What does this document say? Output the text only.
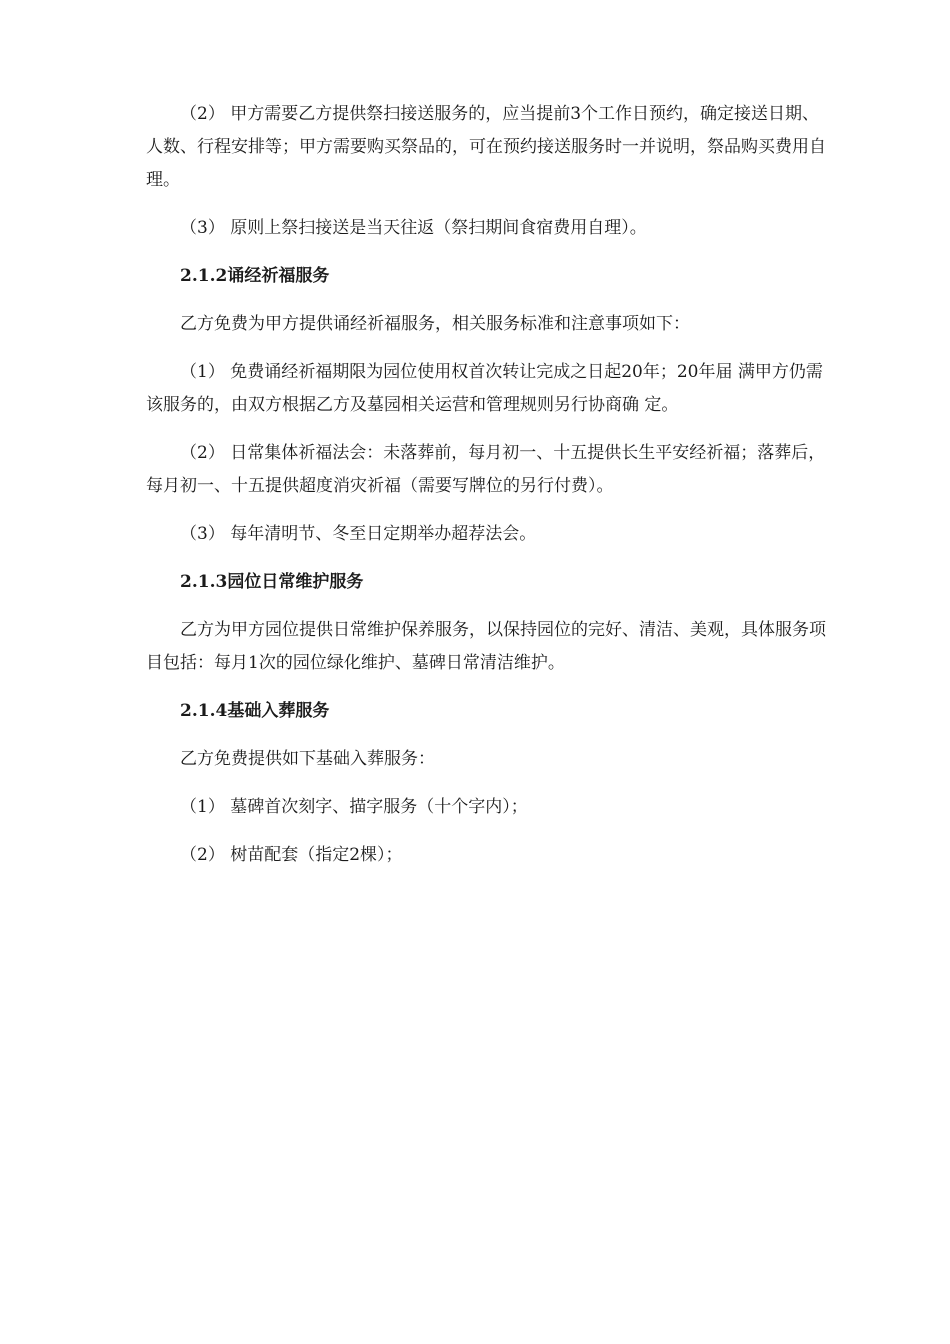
（2） 甲方需要乙方提供祭扫接送服务的，应当提前3个工作日预约，确定接送日期、人数、行程安排等；甲方需要购买祭品的，可在预约接送服务时一并说明，祭品购买费用自理。

（3） 原则上祭扫接送是当天往返（祭扫期间食宿费用自理）。

2.1.2诵经祈福服务

乙方免费为甲方提供诵经祈福服务，相关服务标准和注意事项如下：

（1） 免费诵经祈福期限为园位使用权首次转让完成之日起20年；20年届 满甲方仍需该服务的，由双方根据乙方及墓园相关运营和管理规则另行协商确 定。

（2） 日常集体祈福法会：未落葬前，每月初一、十五提供长生平安经祈福；落葬后，每月初一、十五提供超度消灾祈福（需要写牌位的另行付费）。

（3） 每年清明节、冬至日定期举办超荐法会。

2.1.3园位日常维护服务

乙方为甲方园位提供日常维护保养服务，以保持园位的完好、清洁、美观，具体服务项目包括：每月1次的园位绿化维护、墓碑日常清洁维护。

2.1.4基础入葬服务

乙方免费提供如下基础入葬服务：

（1） 墓碑首次刻字、描字服务（十个字内）；

（2） 树苗配套（指定2棵）；
